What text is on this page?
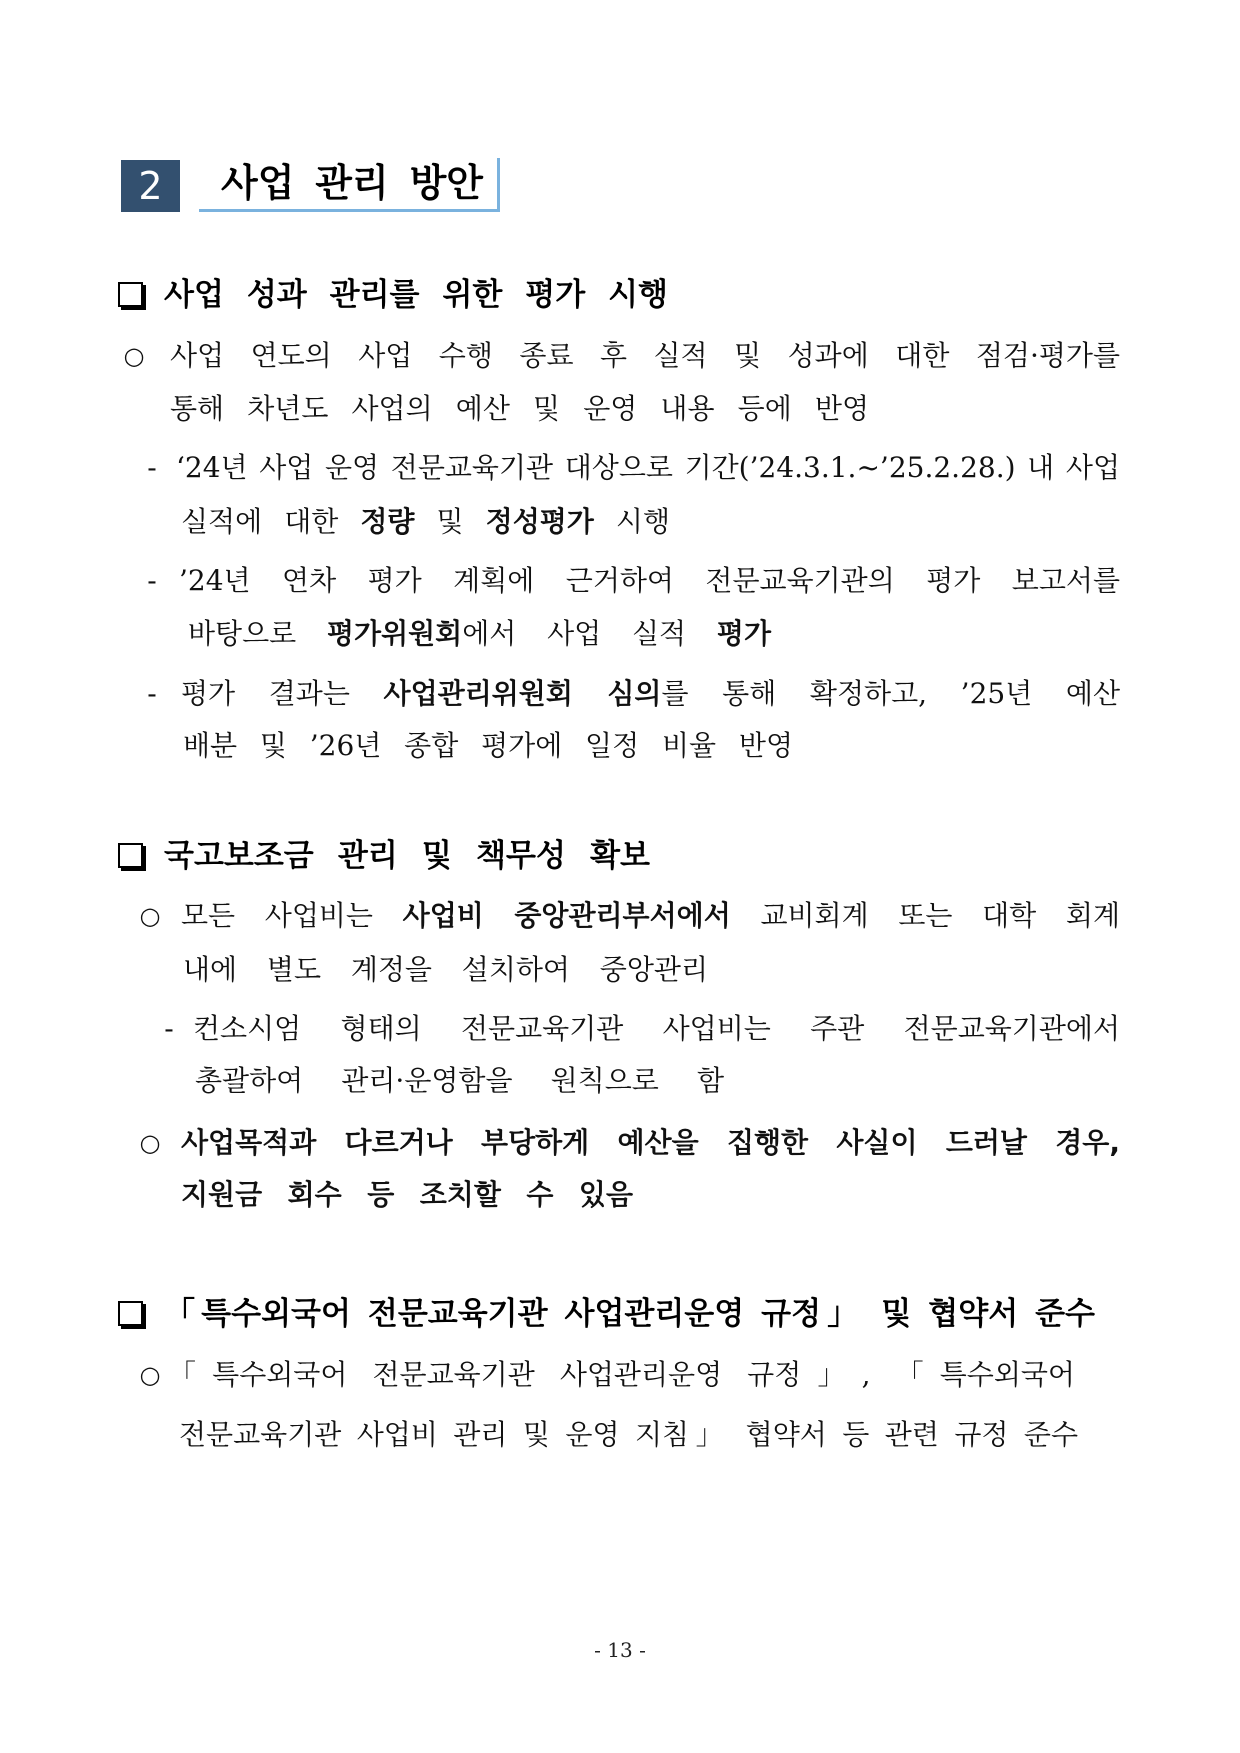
2	사업 관리 방안
사업 성과 관리를 위한 평가 시행
○ 사업 연도의 사업 수행 종료 후 실적 및 성과에 대한 점검·평가를
통해 차년도 사업의 예산 및 운영 내용 등에 반영
- ‘24년 사업 운영 전문교육기관 대상으로 기간(’24.3.1.~’25.2.28.) 내 사업
실적에 대한 정량 및 정성평가 시행
- ’24년 연차 평가 계획에 근거하여 전문교육기관의 평가 보고서를
바탕으로 평가위원회에서 사업 실적 평가
- 평가 결과는 사업관리위원회 심의를 통해 확정하고, ’25년 예산
배분 및 ’26년 종합 평가에 일정 비율 반영
국고보조금 관리 및 책무성 확보
○ 모든 사업비는 사업비 중앙관리부서에서 교비회계 또는 대학 회계
내에 별도 계정을 설치하여 중앙관리
- 컨소시엄 형태의 전문교육기관 사업비는 주관 전문교육기관에서
총괄하여 관리·운영함을 원칙으로 함
○ 사업목적과 다르거나 부당하게 예산을 집행한 사실이 드러날 경우,
지원금 회수 등 조치할 수 있음
「특수외국어 전문교육기관 사업관리운영 규정」 및 협약서 준수
○ 「특수외국어 전문교육기관 사업관리운영 규정」, 「특수외국어
전문교육기관 사업비 관리 및 운영 지침」 협약서 등 관련 규정 준수
- 13 -
